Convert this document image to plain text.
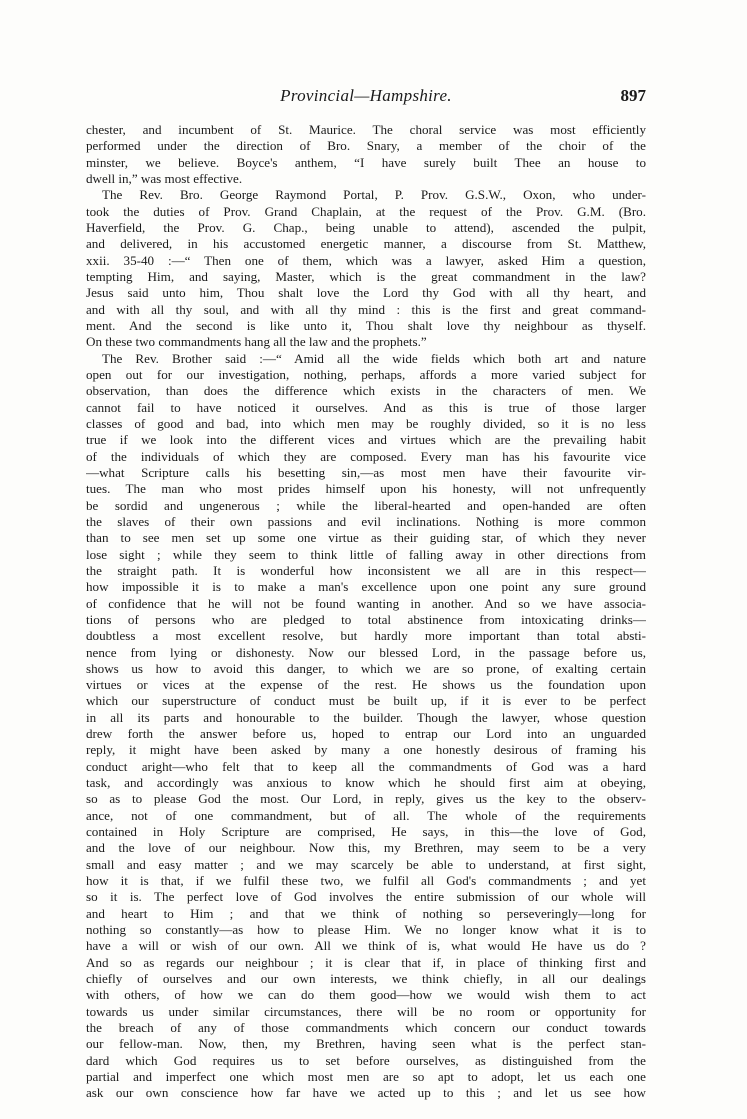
Provincial—Hampshire.	897
chester, and incumbent of St. Maurice. The choral service was most efficiently
performed under the direction of Bro. Snary, a member of the choir of the
minster, we believe. Boyce's anthem, “I have surely built Thee an house to
dwell in,” was most effective.
The Rev. Bro. George Raymond Portal, P. Prov. G.S.W., Oxon, who under-
took the duties of Prov. Grand Chaplain, at the request of the Prov. G.M. (Bro.
Haverfield, the Prov. G. Chap., being unable to attend), ascended the pulpit,
and delivered, in his accustomed energetic manner, a discourse from St. Matthew,
xxii. 35-40 :—“ Then one of them, which was a lawyer, asked Him a question,
tempting Him, and saying, Master, which is the great commandment in the law?
Jesus said unto him, Thou shalt love the Lord thy God with all thy heart, and
and with all thy soul, and with all thy mind : this is the first and great command-
ment. And the second is like unto it, Thou shalt love thy neighbour as thyself.
On these two commandments hang all the law and the prophets.”
The Rev. Brother said :—“ Amid all the wide fields which both art and nature
open out for our investigation, nothing, perhaps, affords a more varied subject for
observation, than does the difference which exists in the characters of men. We
cannot fail to have noticed it ourselves. And as this is true of those larger
classes of good and bad, into which men may be roughly divided, so it is no less
true if we look into the different vices and virtues which are the prevailing habit
of the individuals of which they are composed. Every man has his favourite vice
—what Scripture calls his besetting sin,—as most men have their favourite vir-
tues. The man who most prides himself upon his honesty, will not unfrequently
be sordid and ungenerous ; while the liberal-hearted and open-handed are often
the slaves of their own passions and evil inclinations. Nothing is more common
than to see men set up some one virtue as their guiding star, of which they never
lose sight ; while they seem to think little of falling away in other directions from
the straight path. It is wonderful how inconsistent we all are in this respect—
how impossible it is to make a man's excellence upon one point any sure ground
of confidence that he will not be found wanting in another. And so we have associa-
tions of persons who are pledged to total abstinence from intoxicating drinks—
doubtless a most excellent resolve, but hardly more important than total absti-
nence from lying or dishonesty. Now our blessed Lord, in the passage before us,
shows us how to avoid this danger, to which we are so prone, of exalting certain
virtues or vices at the expense of the rest. He shows us the foundation upon
which our superstructure of conduct must be built up, if it is ever to be perfect
in all its parts and honourable to the builder. Though the lawyer, whose question
drew forth the answer before us, hoped to entrap our Lord into an unguarded
reply, it might have been asked by many a one honestly desirous of framing his
conduct aright—who felt that to keep all the commandments of God was a hard
task, and accordingly was anxious to know which he should first aim at obeying,
so as to please God the most. Our Lord, in reply, gives us the key to the observ-
ance, not of one commandment, but of all. The whole of the requirements
contained in Holy Scripture are comprised, He says, in this—the love of God,
and the love of our neighbour. Now this, my Brethren, may seem to be a very
small and easy matter ; and we may scarcely be able to understand, at first sight,
how it is that, if we fulfil these two, we fulfil all God's commandments ; and yet
so it is. The perfect love of God involves the entire submission of our whole will
and heart to Him ; and that we think of nothing so perseveringly—long for
nothing so constantly—as how to please Him. We no longer know what it is to
have a will or wish of our own. All we think of is, what would He have us do ?
And so as regards our neighbour ; it is clear that if, in place of thinking first and
chiefly of ourselves and our own interests, we think chiefly, in all our dealings
with others, of how we can do them good—how we would wish them to act
towards us under similar circumstances, there will be no room or opportunity for
the breach of any of those commandments which concern our conduct towards
our fellow-man. Now, then, my Brethren, having seen what is the perfect stan-
dard which God requires us to set before ourselves, as distinguished from the
partial and imperfect one which most men are so apt to adopt, let us each one
ask our own conscience how far have we acted up to this ; and let us see how
